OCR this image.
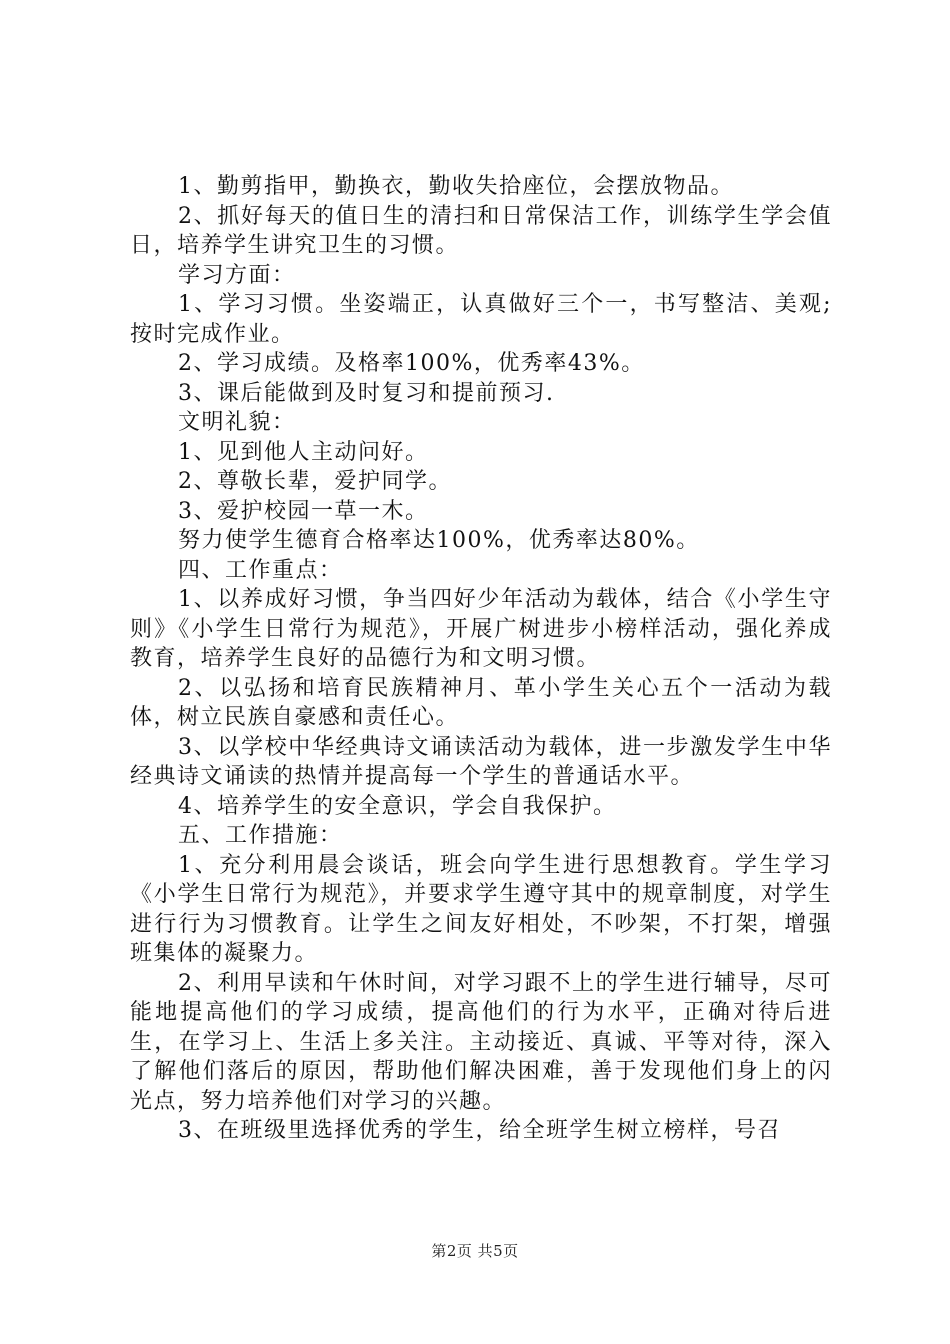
1、勤剪指甲，勤换衣，勤收失拾座位，会摆放物品。

2、抓好每天的值日生的清扫和日常保洁工作，训练学生学会值日，培养学生讲究卫生的习惯。

学习方面：

1、学习习惯。坐姿端正，认真做好三个一，书写整洁、美观;按时完成作业。

2、学习成绩。及格率100%，优秀率43%。

3、课后能做到及时复习和提前预习.

文明礼貌：

1、见到他人主动问好。

2、尊敬长辈，爱护同学。

3、爱护校园一草一木。

努力使学生德育合格率达100%，优秀率达80%。

四、工作重点：

1、以养成好习惯，争当四好少年活动为载体，结合《小学生守则》《小学生日常行为规范》，开展广树进步小榜样活动，强化养成教育，培养学生良好的品德行为和文明习惯。

2、以弘扬和培育民族精神月、革小学生关心五个一活动为载体，树立民族自豪感和责任心。

3、以学校中华经典诗文诵读活动为载体，进一步激发学生中华经典诗文诵读的热情并提高每一个学生的普通话水平。

4、培养学生的安全意识，学会自我保护。

五、工作措施：

1、充分利用晨会谈话，班会向学生进行思想教育。学生学习《小学生日常行为规范》，并要求学生遵守其中的规章制度，对学生进行行为习惯教育。让学生之间友好相处，不吵架，不打架，增强班集体的凝聚力。

2、利用早读和午休时间，对学习跟不上的学生进行辅导，尽可能地提高他们的学习成绩，提高他们的行为水平，正确对待后进生，在学习上、生活上多关注。主动接近、真诚、平等对待，深入了解他们落后的原因，帮助他们解决困难，善于发现他们身上的闪光点，努力培养他们对学习的兴趣。

3、在班级里选择优秀的学生，给全班学生树立榜样，号召

第2页 共5页
